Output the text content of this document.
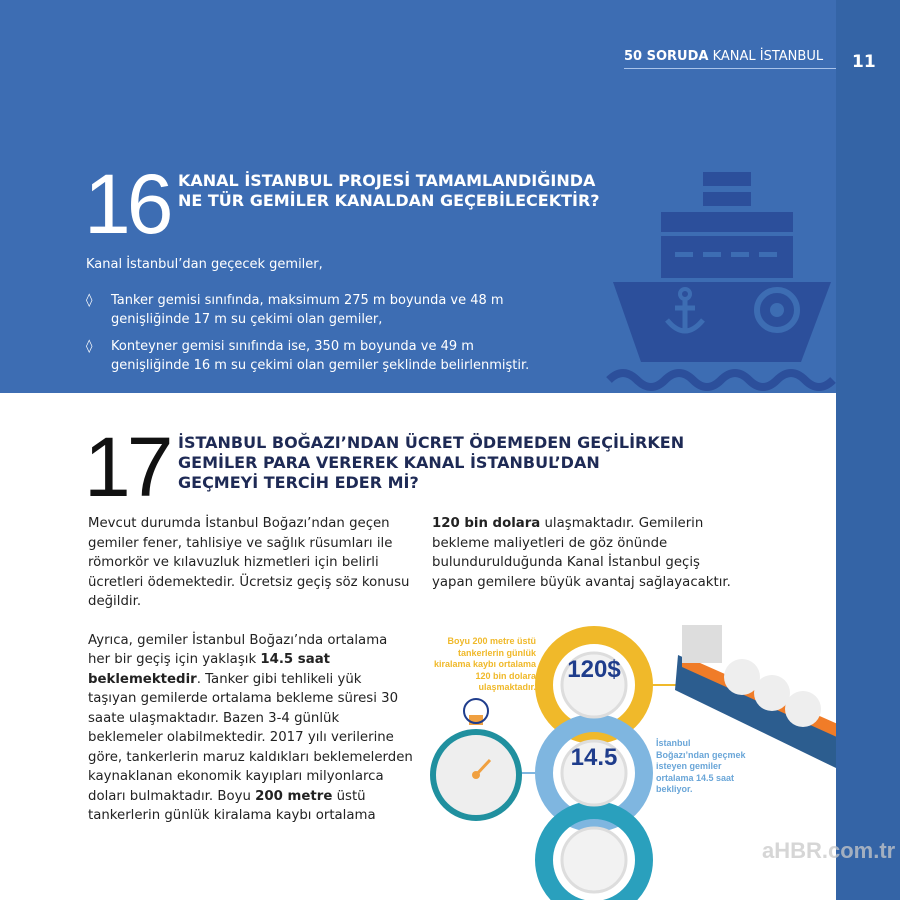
50 SORUDA KANAL İSTANBUL	11
16 KANAL İSTANBUL PROJESİ TAMAMLANDIĞINDA
NE TÜR GEMİLER KANALDAN GEÇEBİLECEKTİR?

Kanal İstanbul’dan geçecek gemiler,

◊ Tanker gemisi sınıfında, maksimum 275 m boyunda ve 48 m genişliğinde 17 m su çekimi olan gemiler,
◊ Konteyner gemisi sınıfında ise, 350 m boyunda ve 49 m genişliğinde 16 m su çekimi olan gemiler şeklinde belirlenmiştir.
17 İSTANBUL BOĞAZI’NDAN ÜCRET ÖDEMEDEN GEÇİLİRKEN
GEMİLER PARA VEREREK KANAL İSTANBUL’DAN
GEÇMEYİ TERCİH EDER Mİ?

Mevcut durumda İstanbul Boğazı’ndan geçen gemiler fener, tahlisiye ve sağlık rüsumları ile römorkör ve kılavuzluk hizmetleri için belirli ücretleri ödemektedir. Ücretsiz geçiş söz konusu değildir.

Ayrıca, gemiler İstanbul Boğazı’nda ortalama her bir geçiş için yaklaşık 14.5 saat beklemektedir. Tanker gibi tehlikeli yük taşıyan gemilerde ortalama bekleme süresi 30 saate ulaşmaktadır. Bazen 3-4 günlük beklemeler olabilmektedir. 2017 yılı verilerine göre, tankerlerin maruz kaldıkları beklemelerden kaynaklanan ekonomik kayıpları milyonlarca doları bulmaktadır. Boyu 200 metre üstü tankerlerin günlük kiralama kaybı ortalama

120 bin dolara ulaşmaktadır. Gemilerin bekleme maliyetleri de göz önünde bulundurulduğunda Kanal İstanbul geçiş yapan gemilere büyük avantaj sağlayacaktır.

120$
14.5
Boyu 200 metre üstü tankerlerin günlük kiralama kaybı ortalama 120 bin dolara ulaşmaktadır.
İstanbul Boğazı’ndan geçmek isteyen gemiler ortalama 14.5 saat bekliyor.
aHBR.com.tr
